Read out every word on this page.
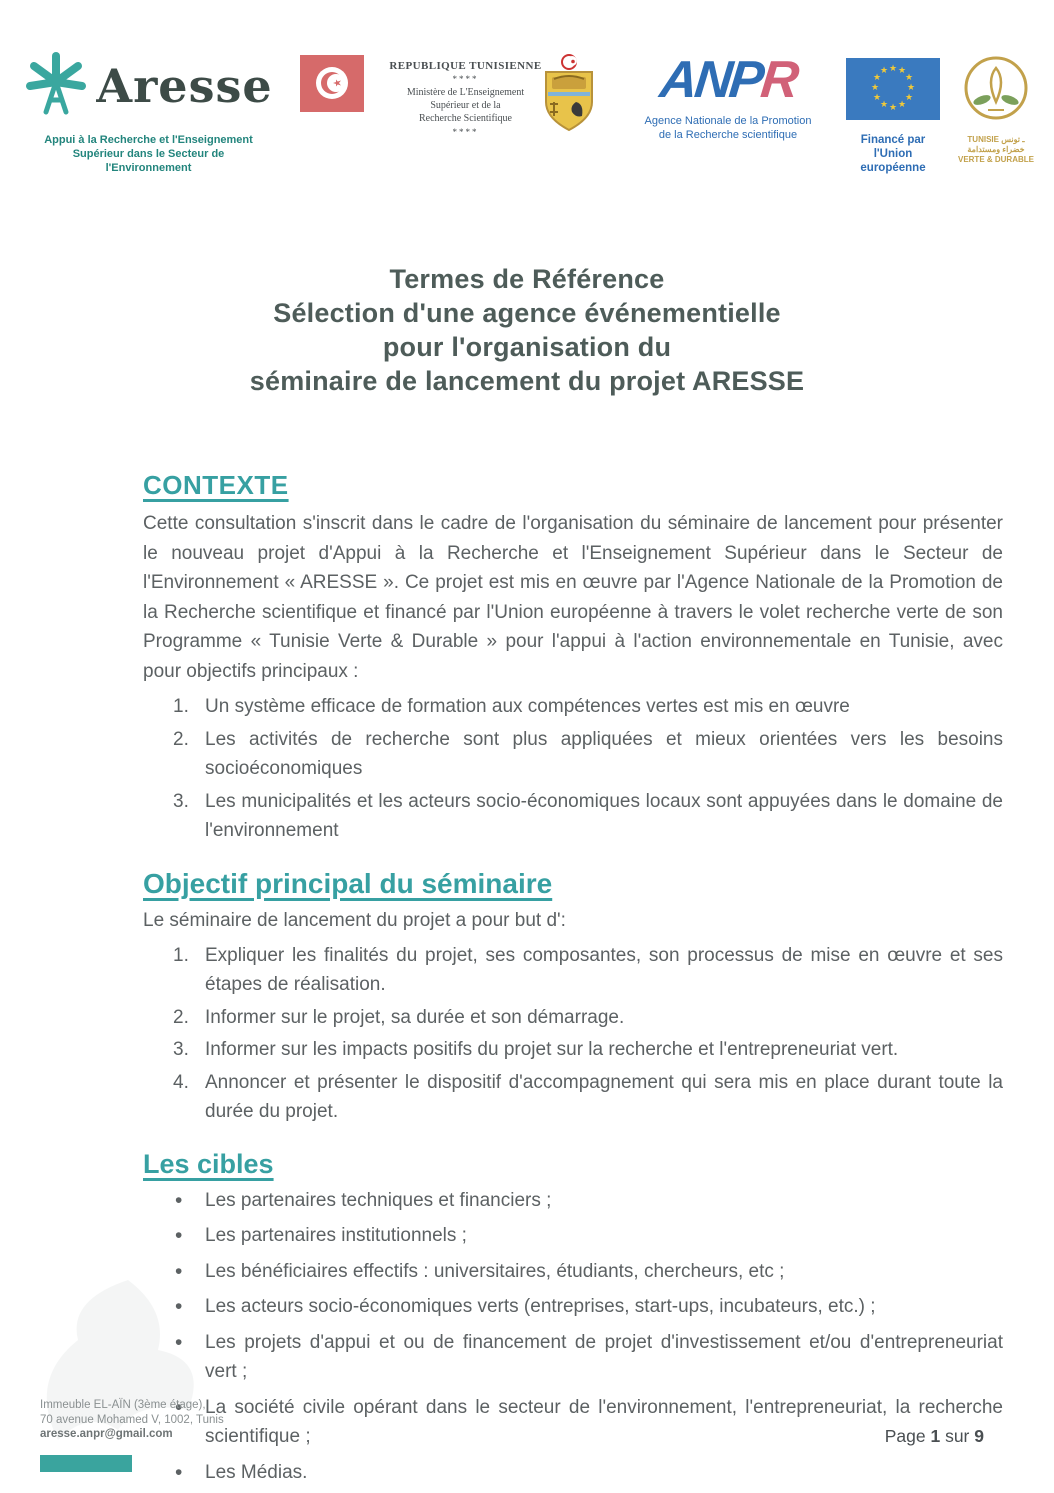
Aresse
Appui à la Recherche et l'Enseignement
Supérieur dans le Secteur de l'Environnement
REPUBLIQUE TUNISIENNE
****
Ministère de L'Enseignement
Supérieur et de la
Recherche Scientifique
****
ANPR
Agence Nationale de la Promotion
de la Recherche scientifique
★ ★
★
★
★
★
★
★
★
★
★
★
Financé par
l'Union européenne
TUNISIE ـ تونس
خضراء ومستدامة
VERTE & DURABLE
Termes de Référence
Sélection d'une agence événementielle
pour l'organisation du
séminaire de lancement du projet ARESSE
CONTEXTE

Cette consultation s'inscrit dans le cadre de l'organisation du séminaire de lancement pour présenter le nouveau projet d'Appui à la Recherche et l'Enseignement Supérieur dans le Secteur de l'Environnement « ARESSE ». Ce projet est mis en œuvre par l'Agence Nationale de la Promotion de la Recherche scientifique et financé par l'Union européenne à travers le volet recherche verte de son Programme « Tunisie Verte & Durable » pour l'appui à l'action environnementale en Tunisie, avec pour objectifs principaux :

Un système efficace de formation aux compétences vertes est mis en œuvre
Les activités de recherche sont plus appliquées et mieux orientées vers les besoins socioéconomiques
Les municipalités et les acteurs socio-économiques locaux sont appuyées dans le domaine de l'environnement
Objectif principal du séminaire

Le séminaire de lancement du projet a pour but d':

Expliquer les finalités du projet, ses composantes, son processus de mise en œuvre et ses étapes de réalisation.
Informer sur le projet, sa durée et son démarrage.
Informer sur les impacts positifs du projet sur la recherche et l'entrepreneuriat vert.
Annoncer et présenter le dispositif d'accompagnement qui sera mis en place durant toute la durée du projet.
Les cibles
• Les partenaires techniques et financiers ;
• Les partenaires institutionnels ;
• Les bénéficiaires effectifs : universitaires, étudiants, chercheurs, etc ;
• Les acteurs socio-économiques verts (entreprises, start-ups, incubateurs, etc.) ;
• Les projets d'appui et ou de financement de projet d'investissement et/ou d'entrepreneuriat vert ;
• La société civile opérant dans le secteur de l'environnement, l'entrepreneuriat, la recherche scientifique ;
• Les Médias.
Immeuble EL-AÏN (3ème étage),
70 avenue Mohamed V, 1002, Tunis
aresse.anpr@gmail.com	Page 1 sur 9
